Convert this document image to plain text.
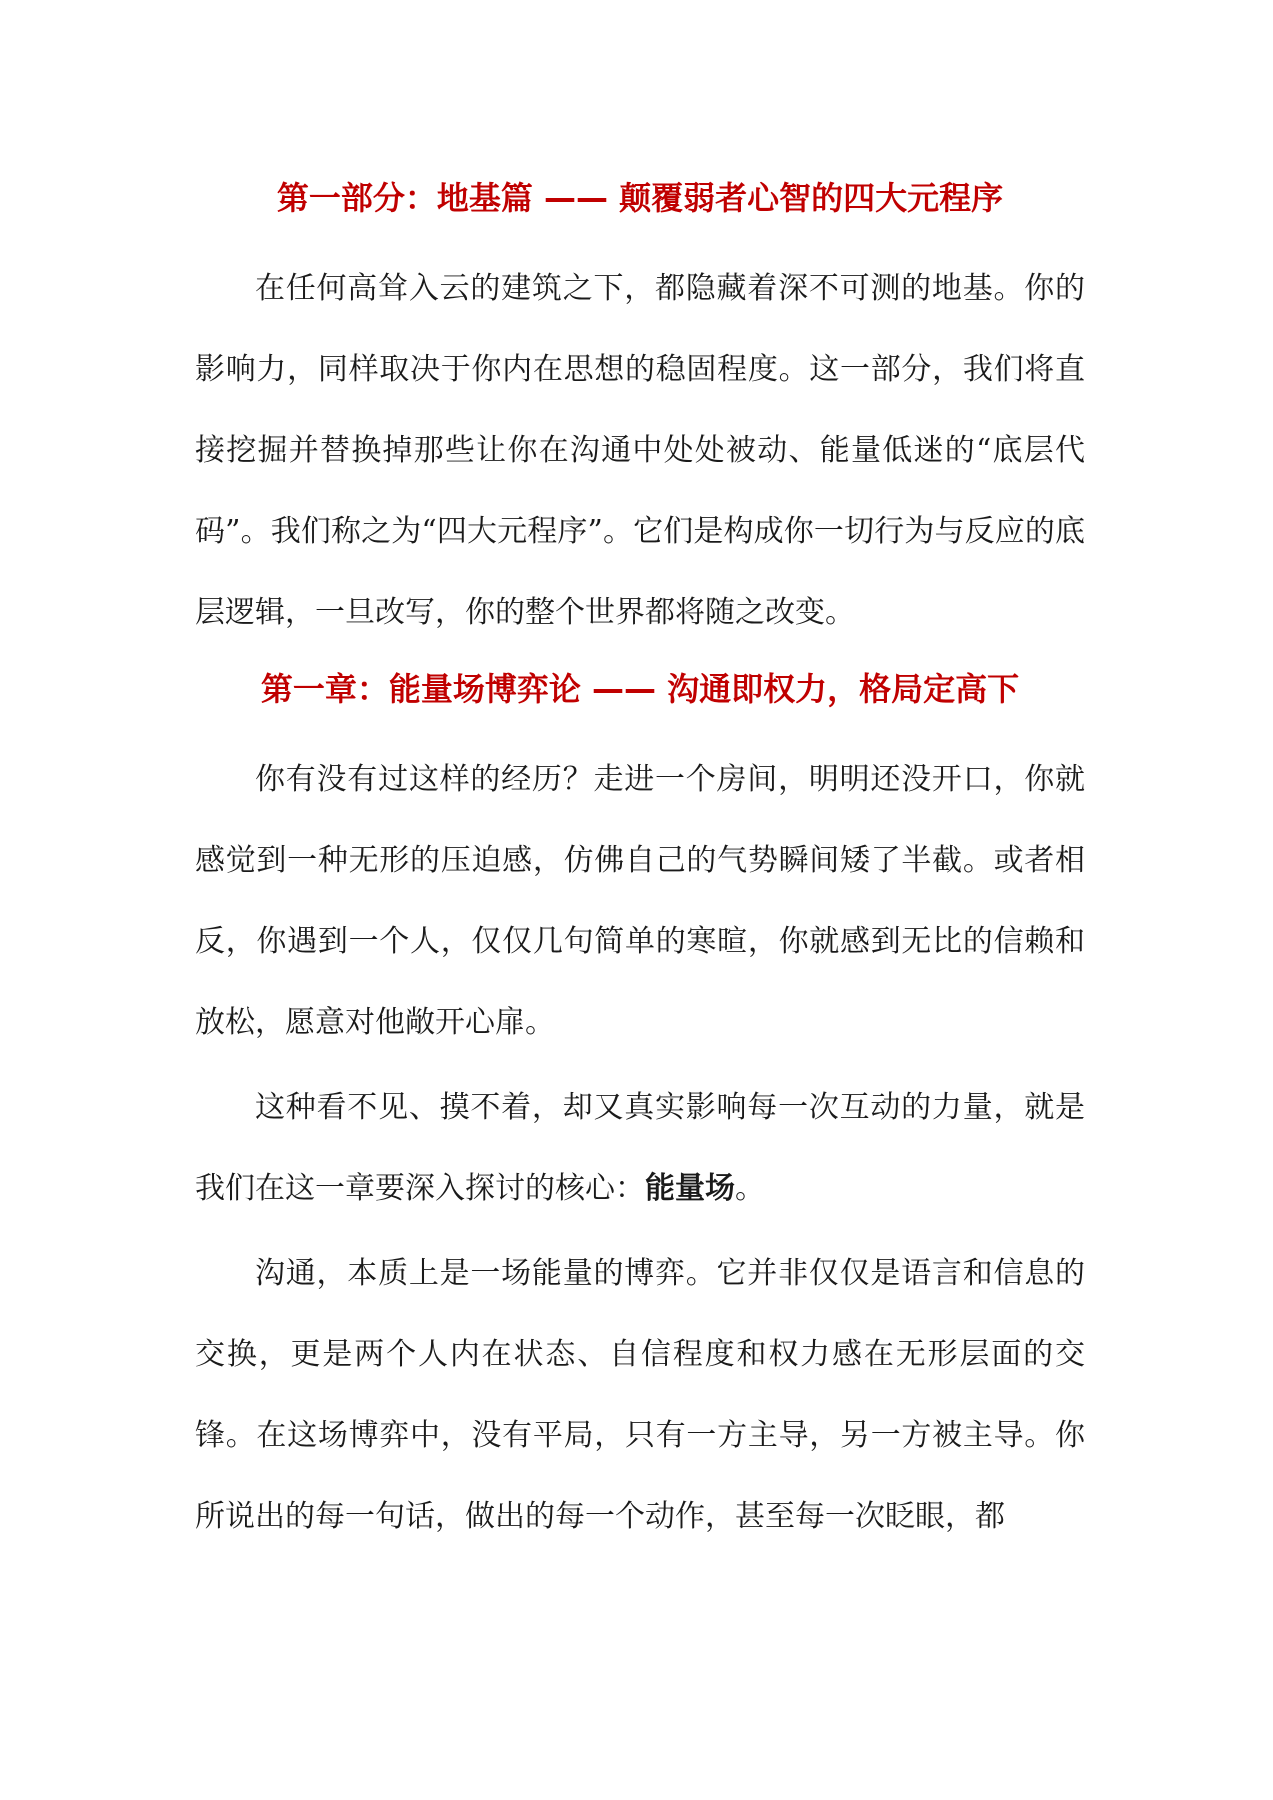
第一部分：地基篇 —— 颠覆弱者心智的四大元程序

在任何高耸入云的建筑之下，都隐藏着深不可测的地基。你的影响力，同样取决于你内在思想的稳固程度。这一部分，我们将直接挖掘并替换掉那些让你在沟通中处处被动、能量低迷的“底层代码”。我们称之为“四大元程序”。它们是构成你一切行为与反应的底层逻辑，一旦改写，你的整个世界都将随之改变。

第一章：能量场博弈论 —— 沟通即权力，格局定高下

你有没有过这样的经历？走进一个房间，明明还没开口，你就感觉到一种无形的压迫感，仿佛自己的气势瞬间矮了半截。或者相反，你遇到一个人，仅仅几句简单的寒暄，你就感到无比的信赖和放松，愿意对他敞开心扉。

这种看不见、摸不着，却又真实影响每一次互动的力量，就是我们在这一章要深入探讨的核心：能量场。

沟通，本质上是一场能量的博弈。它并非仅仅是语言和信息的交换，更是两个人内在状态、自信程度和权力感在无形层面的交锋。在这场博弈中，没有平局，只有一方主导，另一方被主导。你所说出的每一句话，做出的每一个动作，甚至每一次眨眼，都
